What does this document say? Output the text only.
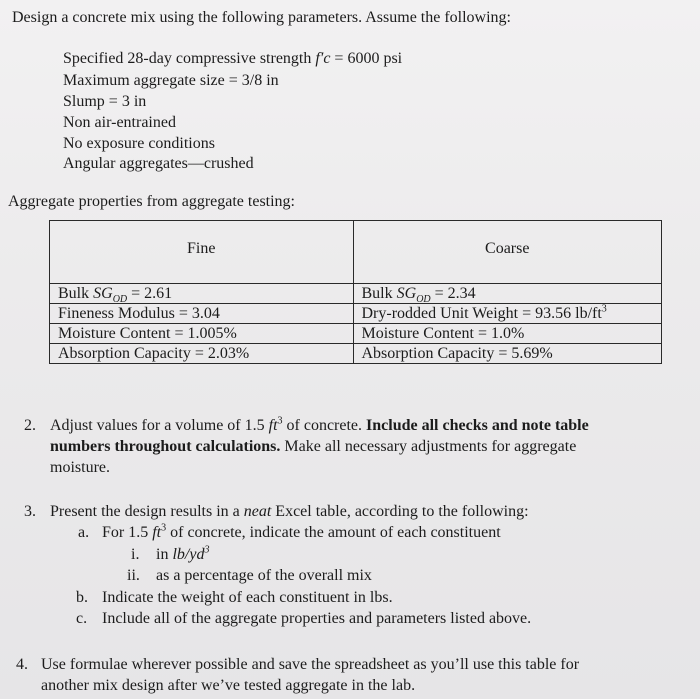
Design a concrete mix using the following parameters. Assume the following:
Specified 28-day compressive strength f′c = 6000 psi
Maximum aggregate size = 3/8 in
Slump = 3 in
Non air-entrained
No exposure conditions
Angular aggregates—crushed
Aggregate properties from aggregate testing:
Fine	Coarse
Bulk $SG_{OD} = 2.61$	Bulk $SG_{OD} = 2.34$
Fineness Modulus = 3.04	Dry-rodded Unit Weight = 93.56 $lb/ft^3$
Moisture Content = 1.005%	Moisture Content = 1.0%
Absorption Capacity = 2.03%	Absorption Capacity = 5.69%
2. Adjust values for a volume of 1.5 $ft^3$ of concrete. Include all checks and note table
numbers throughout calculations. Make all necessary adjustments for aggregate
moisture.
3. Present the design results in a neat Excel table, according to the following:
a. For 1.5 $ft^3$ of concrete, indicate the amount of each constituent
i. in $lb/yd^3$
ii. as a percentage of the overall mix
b. Indicate the weight of each constituent in lbs.
c. Include all of the aggregate properties and parameters listed above.
4. Use formulae wherever possible and save the spreadsheet as you’ll use this table for
another mix design after we’ve tested aggregate in the lab.
